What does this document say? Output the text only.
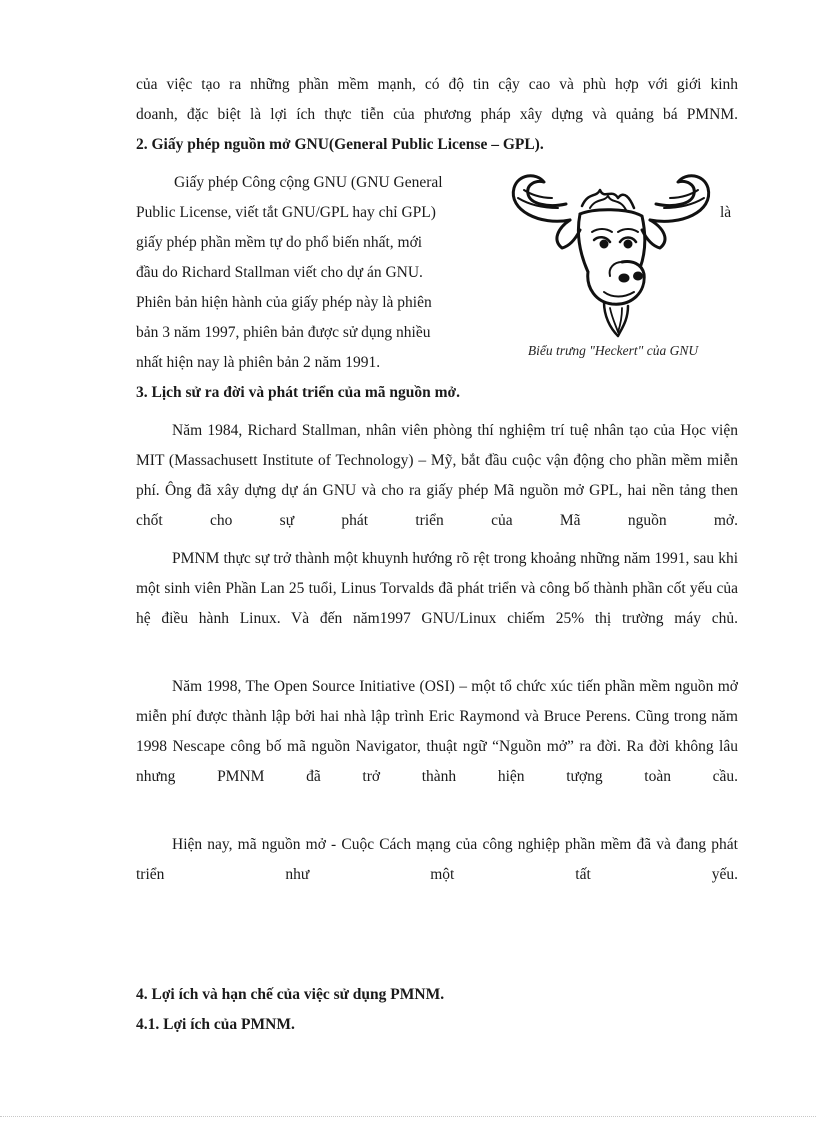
của việc tạo ra những phần mềm mạnh, có độ tin cậy cao và phù hợp với giới kinh

doanh, đặc biệt là lợi ích thực tiễn của phương pháp xây dựng và quảng bá PMNM.

2. Giấy phép nguồn mở GNU(General Public License – GPL).

Giấy phép Công cộng GNU (GNU General
Public License, viết tắt GNU/GPL hay chỉ GPL)
giấy phép phần mềm tự do phổ biến nhất, mới
đầu do Richard Stallman viết cho dự án GNU.
Phiên bản hiện hành của giấy phép này là phiên
bản 3 năm 1997, phiên bản được sử dụng nhiều
nhất hiện nay là phiên bản 2 năm 1991.

là
Biểu trưng "Heckert" của GNU

3. Lịch sử ra đời và phát triển của mã nguồn mở.

Năm 1984, Richard Stallman, nhân viên phòng thí nghiệm trí tuệ nhân tạo của Học viện MIT (Massachusett Institute of Technology) – Mỹ, bắt đầu cuộc vận động cho phần mềm miễn phí. Ông đã xây dựng dự án GNU và cho ra giấy phép Mã nguồn mở GPL, hai nền tảng then chốt cho sự phát triển của Mã nguồn mở.

PMNM thực sự trở thành một khuynh hướng rõ rệt trong khoảng những năm 1991, sau khi một sinh viên Phần Lan 25 tuổi, Linus Torvalds đã phát triển và công bố thành phần cốt yếu của hệ điều hành Linux. Và đến năm1997 GNU/Linux chiếm 25% thị trường máy chủ.

Năm 1998, The Open Source Initiative (OSI) – một tổ chức xúc tiến phần mềm nguồn mở miễn phí được thành lập bởi hai nhà lập trình Eric Raymond và Bruce Perens. Cũng trong năm 1998 Nescape công bố mã nguồn Navigator, thuật ngữ “Nguồn mở” ra đời. Ra đời không lâu nhưng PMNM đã trở thành hiện tượng toàn cầu.

Hiện nay, mã nguồn mở - Cuộc Cách mạng của công nghiệp phần mềm đã và đang phát triển như một tất yếu.

4. Lợi ích và hạn chế của việc sử dụng PMNM.

4.1. Lợi ích của PMNM.
